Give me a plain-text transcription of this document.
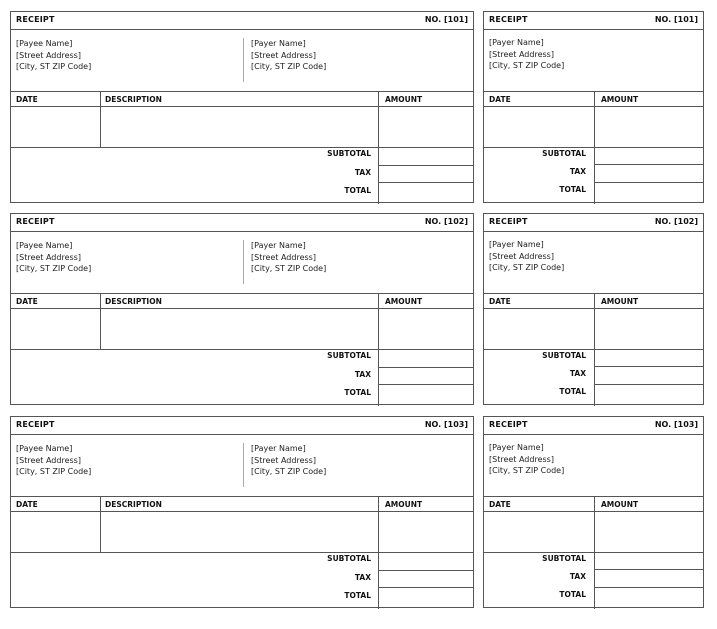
RECEIPT	NO. [101]
[Payee Name]
[Street Address]
[City, ST ZIP Code]
[Payer Name]
[Street Address]
[City, ST ZIP Code]
DATE	DESCRIPTION	AMOUNT
SUBTOTAL
TAX
TOTAL
RECEIPT	NO. [101]
[Payer Name]
[Street Address]
[City, ST ZIP Code]
DATE	AMOUNT
SUBTOTAL
TAX
TOTAL
RECEIPT	NO. [102]
[Payee Name]
[Street Address]
[City, ST ZIP Code]
[Payer Name]
[Street Address]
[City, ST ZIP Code]
DATE	DESCRIPTION	AMOUNT
SUBTOTAL
TAX
TOTAL
RECEIPT	NO. [102]
[Payer Name]
[Street Address]
[City, ST ZIP Code]
DATE	AMOUNT
SUBTOTAL
TAX
TOTAL
RECEIPT	NO. [103]
[Payee Name]
[Street Address]
[City, ST ZIP Code]
[Payer Name]
[Street Address]
[City, ST ZIP Code]
DATE	DESCRIPTION	AMOUNT
SUBTOTAL
TAX
TOTAL
RECEIPT	NO. [103]
[Payer Name]
[Street Address]
[City, ST ZIP Code]
DATE	AMOUNT
SUBTOTAL
TAX
TOTAL
